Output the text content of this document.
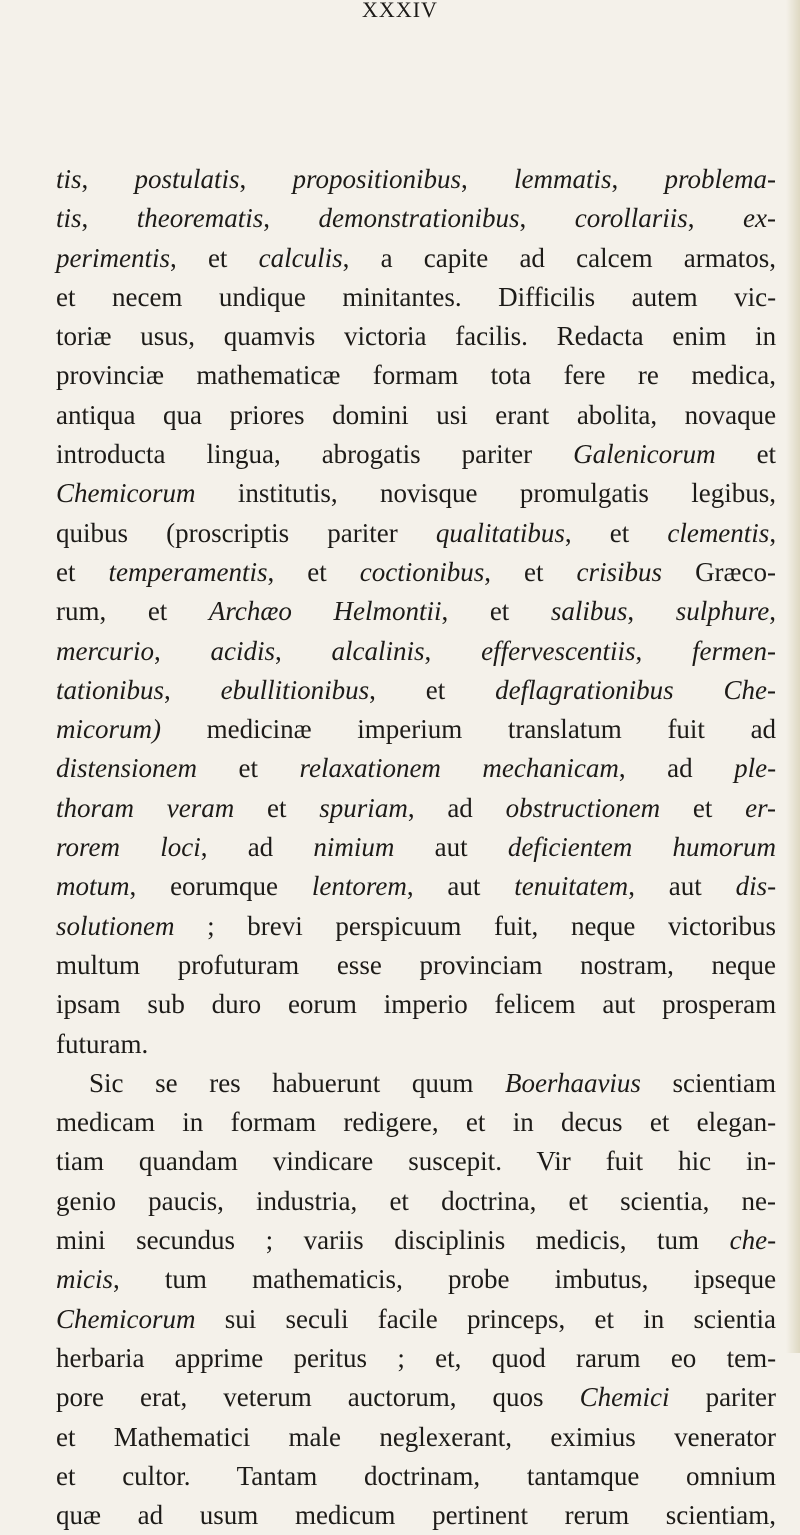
XXXIV
tis, postulatis, propositionibus, lemmatis, problema-
tis, theorematis, demonstrationibus, corollariis, ex-
perimentis, et calculis, a capite ad calcem armatos,
et necem undique minitantes. Difficilis autem vic-
toriæ usus, quamvis victoria facilis. Redacta enim in
provinciæ mathematicæ formam tota fere re medica,
antiqua qua priores domini usi erant abolita, novaque
introducta lingua, abrogatis pariter Galenicorum et
Chemicorum institutis, novisque promulgatis legibus,
quibus (proscriptis pariter qualitatibus, et clementis,
et temperamentis, et coctionibus, et crisibus Græco-
rum, et Archæo Helmontii, et salibus, sulphure,
mercurio, acidis, alcalinis, effervescentiis, fermen-
tationibus, ebullitionibus, et deflagrationibus Che-
micorum) medicinæ imperium translatum fuit ad
distensionem et relaxationem mechanicam, ad ple-
thoram veram et spuriam, ad obstructionem et er-
rorem loci, ad nimium aut deficientem humorum
motum, eorumque lentorem, aut tenuitatem, aut dis-
solutionem ; brevi perspicuum fuit, neque victoribus
multum profuturam esse provinciam nostram, neque
ipsam sub duro eorum imperio felicem aut prosperam
futuram.
Sic se res habuerunt quum Boerhaavius scientiam
medicam in formam redigere, et in decus et elegan-
tiam quandam vindicare suscepit. Vir fuit hic in-
genio paucis, industria, et doctrina, et scientia, ne-
mini secundus ; variis disciplinis medicis, tum che-
micis, tum mathematicis, probe imbutus, ipseque
Chemicorum sui seculi facile princeps, et in scientia
herbaria apprime peritus ; et, quod rarum eo tem-
pore erat, veterum auctorum, quos Chemici pariter
et Mathematici male neglexerant, eximius venerator
et cultor. Tantam doctrinam, tantamque omnium
quæ ad usum medicum pertinent rerum scientiam,
